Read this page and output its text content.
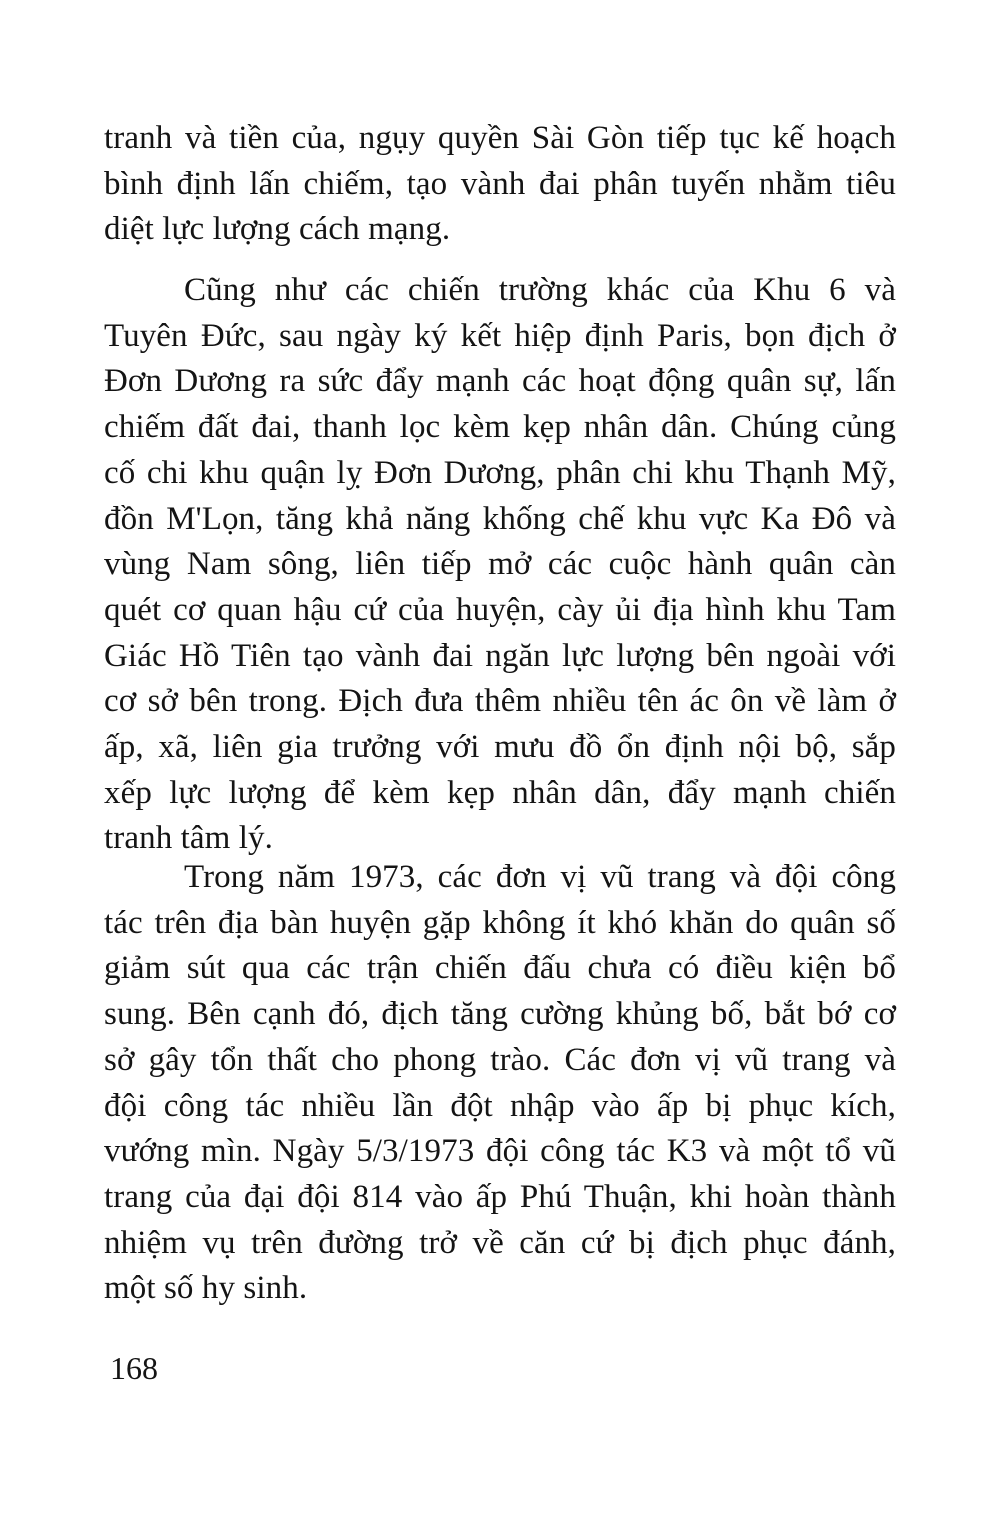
tranh và tiền của, ngụy quyền Sài Gòn tiếp tục kế hoạch
bình định lấn chiếm, tạo vành đai phân tuyến nhằm tiêu
diệt lực lượng cách mạng.
Cũng như các chiến trường khác của Khu 6 và
Tuyên Đức, sau ngày ký kết hiệp định Paris, bọn địch ở
Đơn Dương ra sức đẩy mạnh các hoạt động quân sự, lấn
chiếm đất đai, thanh lọc kèm kẹp nhân dân. Chúng củng
cố chi khu quận lỵ Đơn Dương, phân chi khu Thạnh Mỹ,
đồn M'Lọn, tăng khả năng khống chế khu vực Ka Đô và
vùng Nam sông, liên tiếp mở các cuộc hành quân càn
quét cơ quan hậu cứ của huyện, cày ủi địa hình khu Tam
Giác Hồ Tiên tạo vành đai ngăn lực lượng bên ngoài với
cơ sở bên trong. Địch đưa thêm nhiều tên ác ôn về làm ở
ấp, xã, liên gia trưởng với mưu đồ ổn định nội bộ, sắp
xếp lực lượng để kèm kẹp nhân dân, đẩy mạnh chiến
tranh tâm lý.
Trong năm 1973, các đơn vị vũ trang và đội công
tác trên địa bàn huyện gặp không ít khó khăn do quân số
giảm sút qua các trận chiến đấu chưa có điều kiện bổ
sung. Bên cạnh đó, địch tăng cường khủng bố, bắt bớ cơ
sở gây tổn thất cho phong trào. Các đơn vị vũ trang và
đội công tác nhiều lần đột nhập vào ấp bị phục kích,
vướng mìn. Ngày 5/3/1973 đội công tác K3 và một tổ vũ
trang của đại đội 814 vào ấp Phú Thuận, khi hoàn thành
nhiệm vụ trên đường trở về căn cứ bị địch phục đánh,
một số hy sinh.

168
